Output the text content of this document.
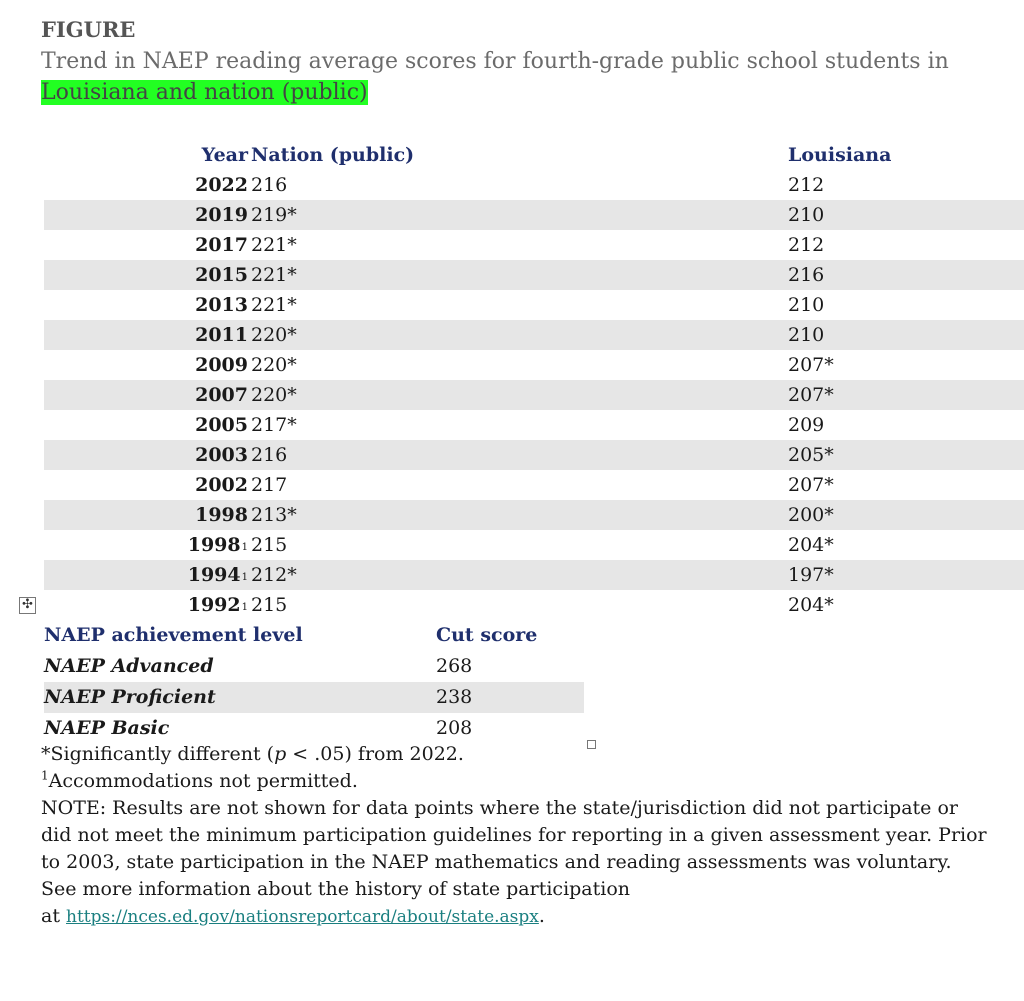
FIGURE
Trend in NAEP reading average scores for fourth-grade public school students in
Louisiana and nation (public)
Year Nation (public)	Louisiana
2022 216	212
2019 219*	210
2017 221*	212
2015 221*	216
2013 221*	210
2011 220*	210
2009 220*	207*
2007 220*	207*
2005 217*	209
2003 216	205*
2002 217	207*
1998 213*	200*
1998$^1$ 215	204*
1994$^1$ 212*	197*
1992$^1$ 215	204*
✣
NAEP achievement level	Cut score
NAEP Advanced	268
NAEP Proficient	238
NAEP Basic	208

*Significantly different (p < .05) from 2022.

$^1$Accommodations not permitted.

NOTE: Results are not shown for data points where the state/jurisdiction did not participate or did not meet the minimum participation guidelines for reporting in a given assessment year. Prior to 2003, state participation in the NAEP mathematics and reading assessments was voluntary. See more information about the history of state participation

at https://nces.ed.gov/nationsreportcard/about/state.aspx.
